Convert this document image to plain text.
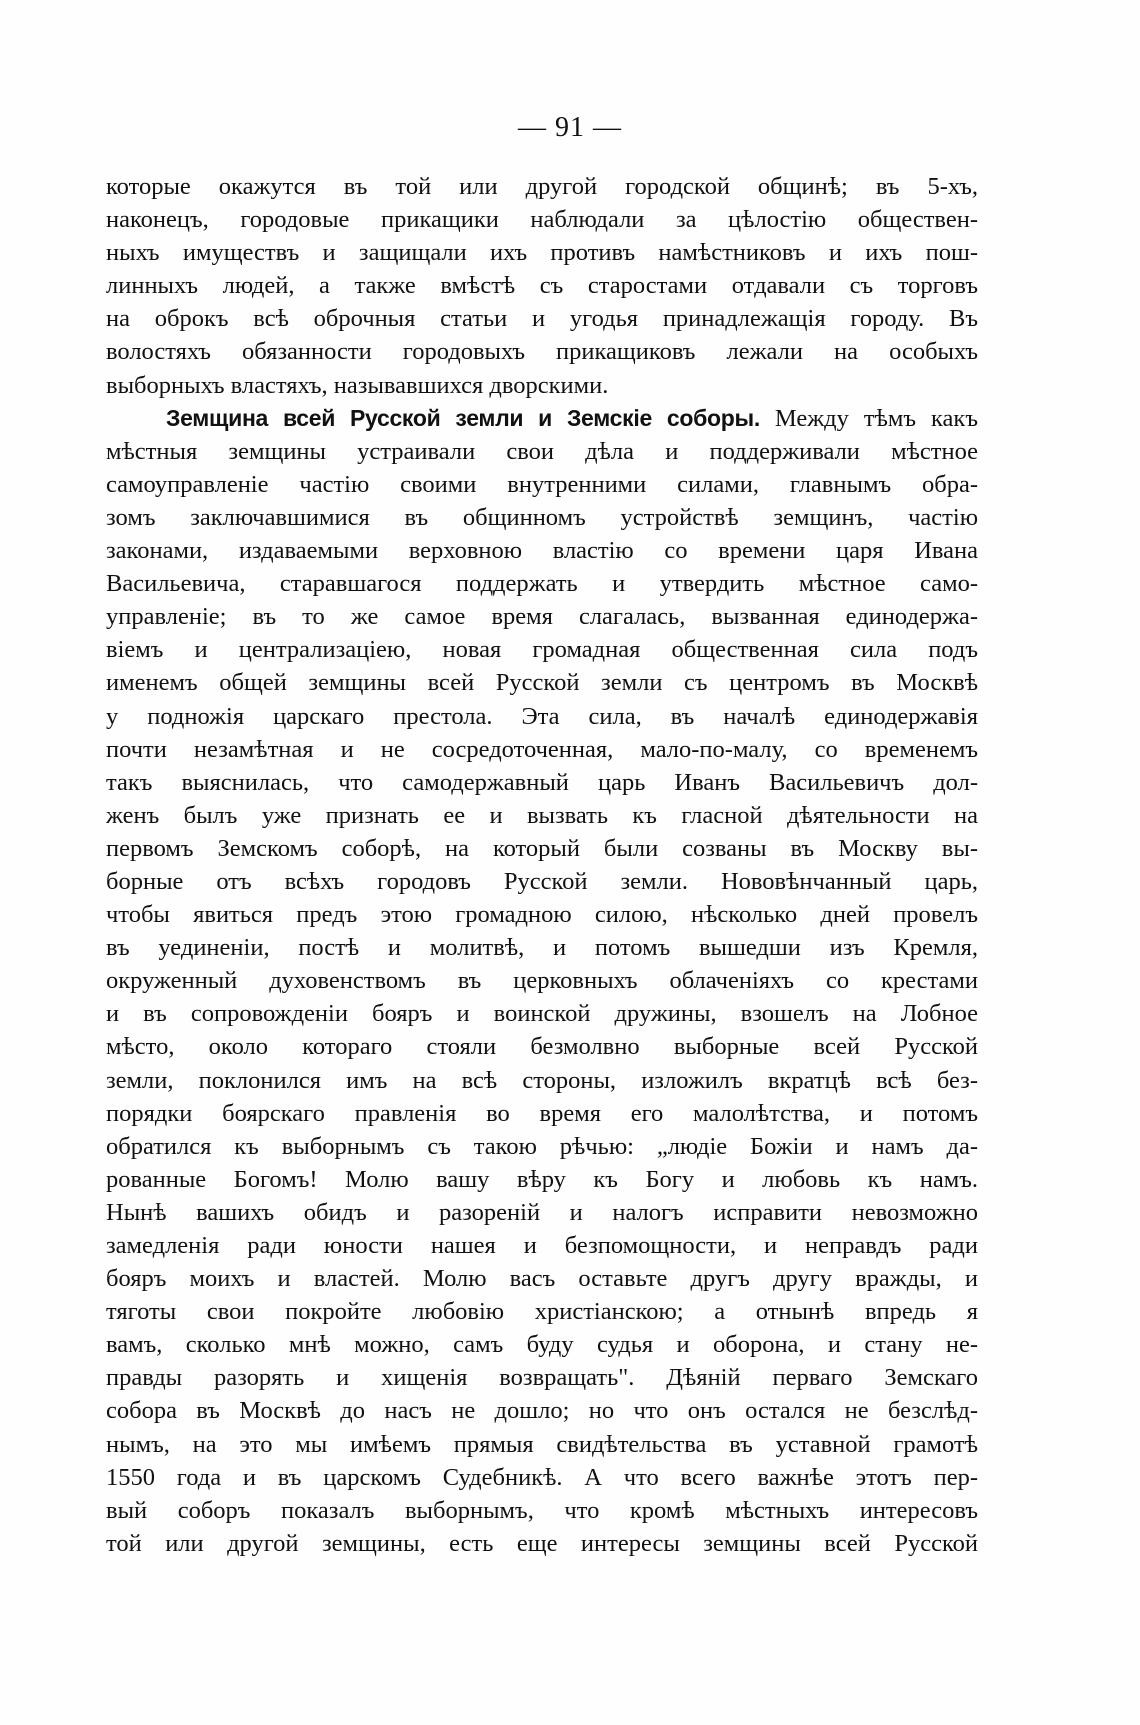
— 91 —
которые окажутся въ той или другой городской общинѣ; въ 5-хъ,
наконецъ, городовые прикащики наблюдали за цѣлостію обществен-
ныхъ имуществъ и защищали ихъ противъ намѣстниковъ и ихъ пош-
линныхъ людей, а также вмѣстѣ съ старостами отдавали съ торговъ
на оброкъ всѣ оброчныя статьи и угодья принадлежащія городу. Въ
волостяхъ обязанности городовыхъ прикащиковъ лежали на особыхъ
выборныхъ властяхъ, называвшихся дворскими.
Земщина всей Русской земли и Земскіе соборы. Между тѣмъ какъ
мѣстныя земщины устраивали свои дѣла и поддерживали мѣстное
самоуправленіе частію своими внутренними силами, главнымъ обра-
зомъ заключавшимися въ общинномъ устройствѣ земщинъ, частію
законами, издаваемыми верховною властію со времени царя Ивана
Васильевича, старавшагося поддержать и утвердить мѣстное само-
управленіе; въ то же самое время слагалась, вызванная единодержа-
віемъ и централизаціею, новая громадная общественная сила подъ
именемъ общей земщины всей Русской земли съ центромъ въ Москвѣ
у подножія царскаго престола. Эта сила, въ началѣ единодержавія
почти незамѣтная и не сосредоточенная, мало-по-малу, со временемъ
такъ выяснилась, что самодержавный царь Иванъ Васильевичъ дол-
женъ былъ уже признать ее и вызвать къ гласной дѣятельности на
первомъ Земскомъ соборѣ, на который были созваны въ Москву вы-
борные отъ всѣхъ городовъ Русской земли. Нововѣнчанный царь,
чтобы явиться предъ этою громадною силою, нѣсколько дней провелъ
въ уединеніи, постѣ и молитвѣ, и потомъ вышедши изъ Кремля,
окруженный духовенствомъ въ церковныхъ облаченіяхъ со крестами
и въ сопровожденіи бояръ и воинской дружины, взошелъ на Лобное
мѣсто, около котораго стояли безмолвно выборные всей Русской
земли, поклонился имъ на всѣ стороны, изложилъ вкратцѣ всѣ без-
порядки боярскаго правленія во время его малолѣтства, и потомъ
обратился къ выборнымъ съ такою рѣчью: „людіе Божіи и намъ да-
рованные Богомъ! Молю вашу вѣру къ Богу и любовь къ намъ.
Нынѣ вашихъ обидъ и разореній и налогъ исправити невозможно
замедленія ради юности нашея и безпомощности, и неправдъ ради
бояръ моихъ и властей. Молю васъ оставьте другъ другу вражды, и
тяготы свои покройте любовію христіанскою; а отнынѣ впредь я
вамъ, сколько мнѣ можно, самъ буду судья и оборона, и стану не-
правды разорять и хищенія возвращать". Дѣяній перваго Земскаго
собора въ Москвѣ до насъ не дошло; но что онъ остался не безслѣд-
нымъ, на это мы имѣемъ прямыя свидѣтельства въ уставной грамотѣ
1550 года и въ царскомъ Судебникѣ. А что всего важнѣе этотъ пер-
вый соборъ показалъ выборнымъ, что кромѣ мѣстныхъ интересовъ
той или другой земщины, есть еще интересы земщины всей Русской
